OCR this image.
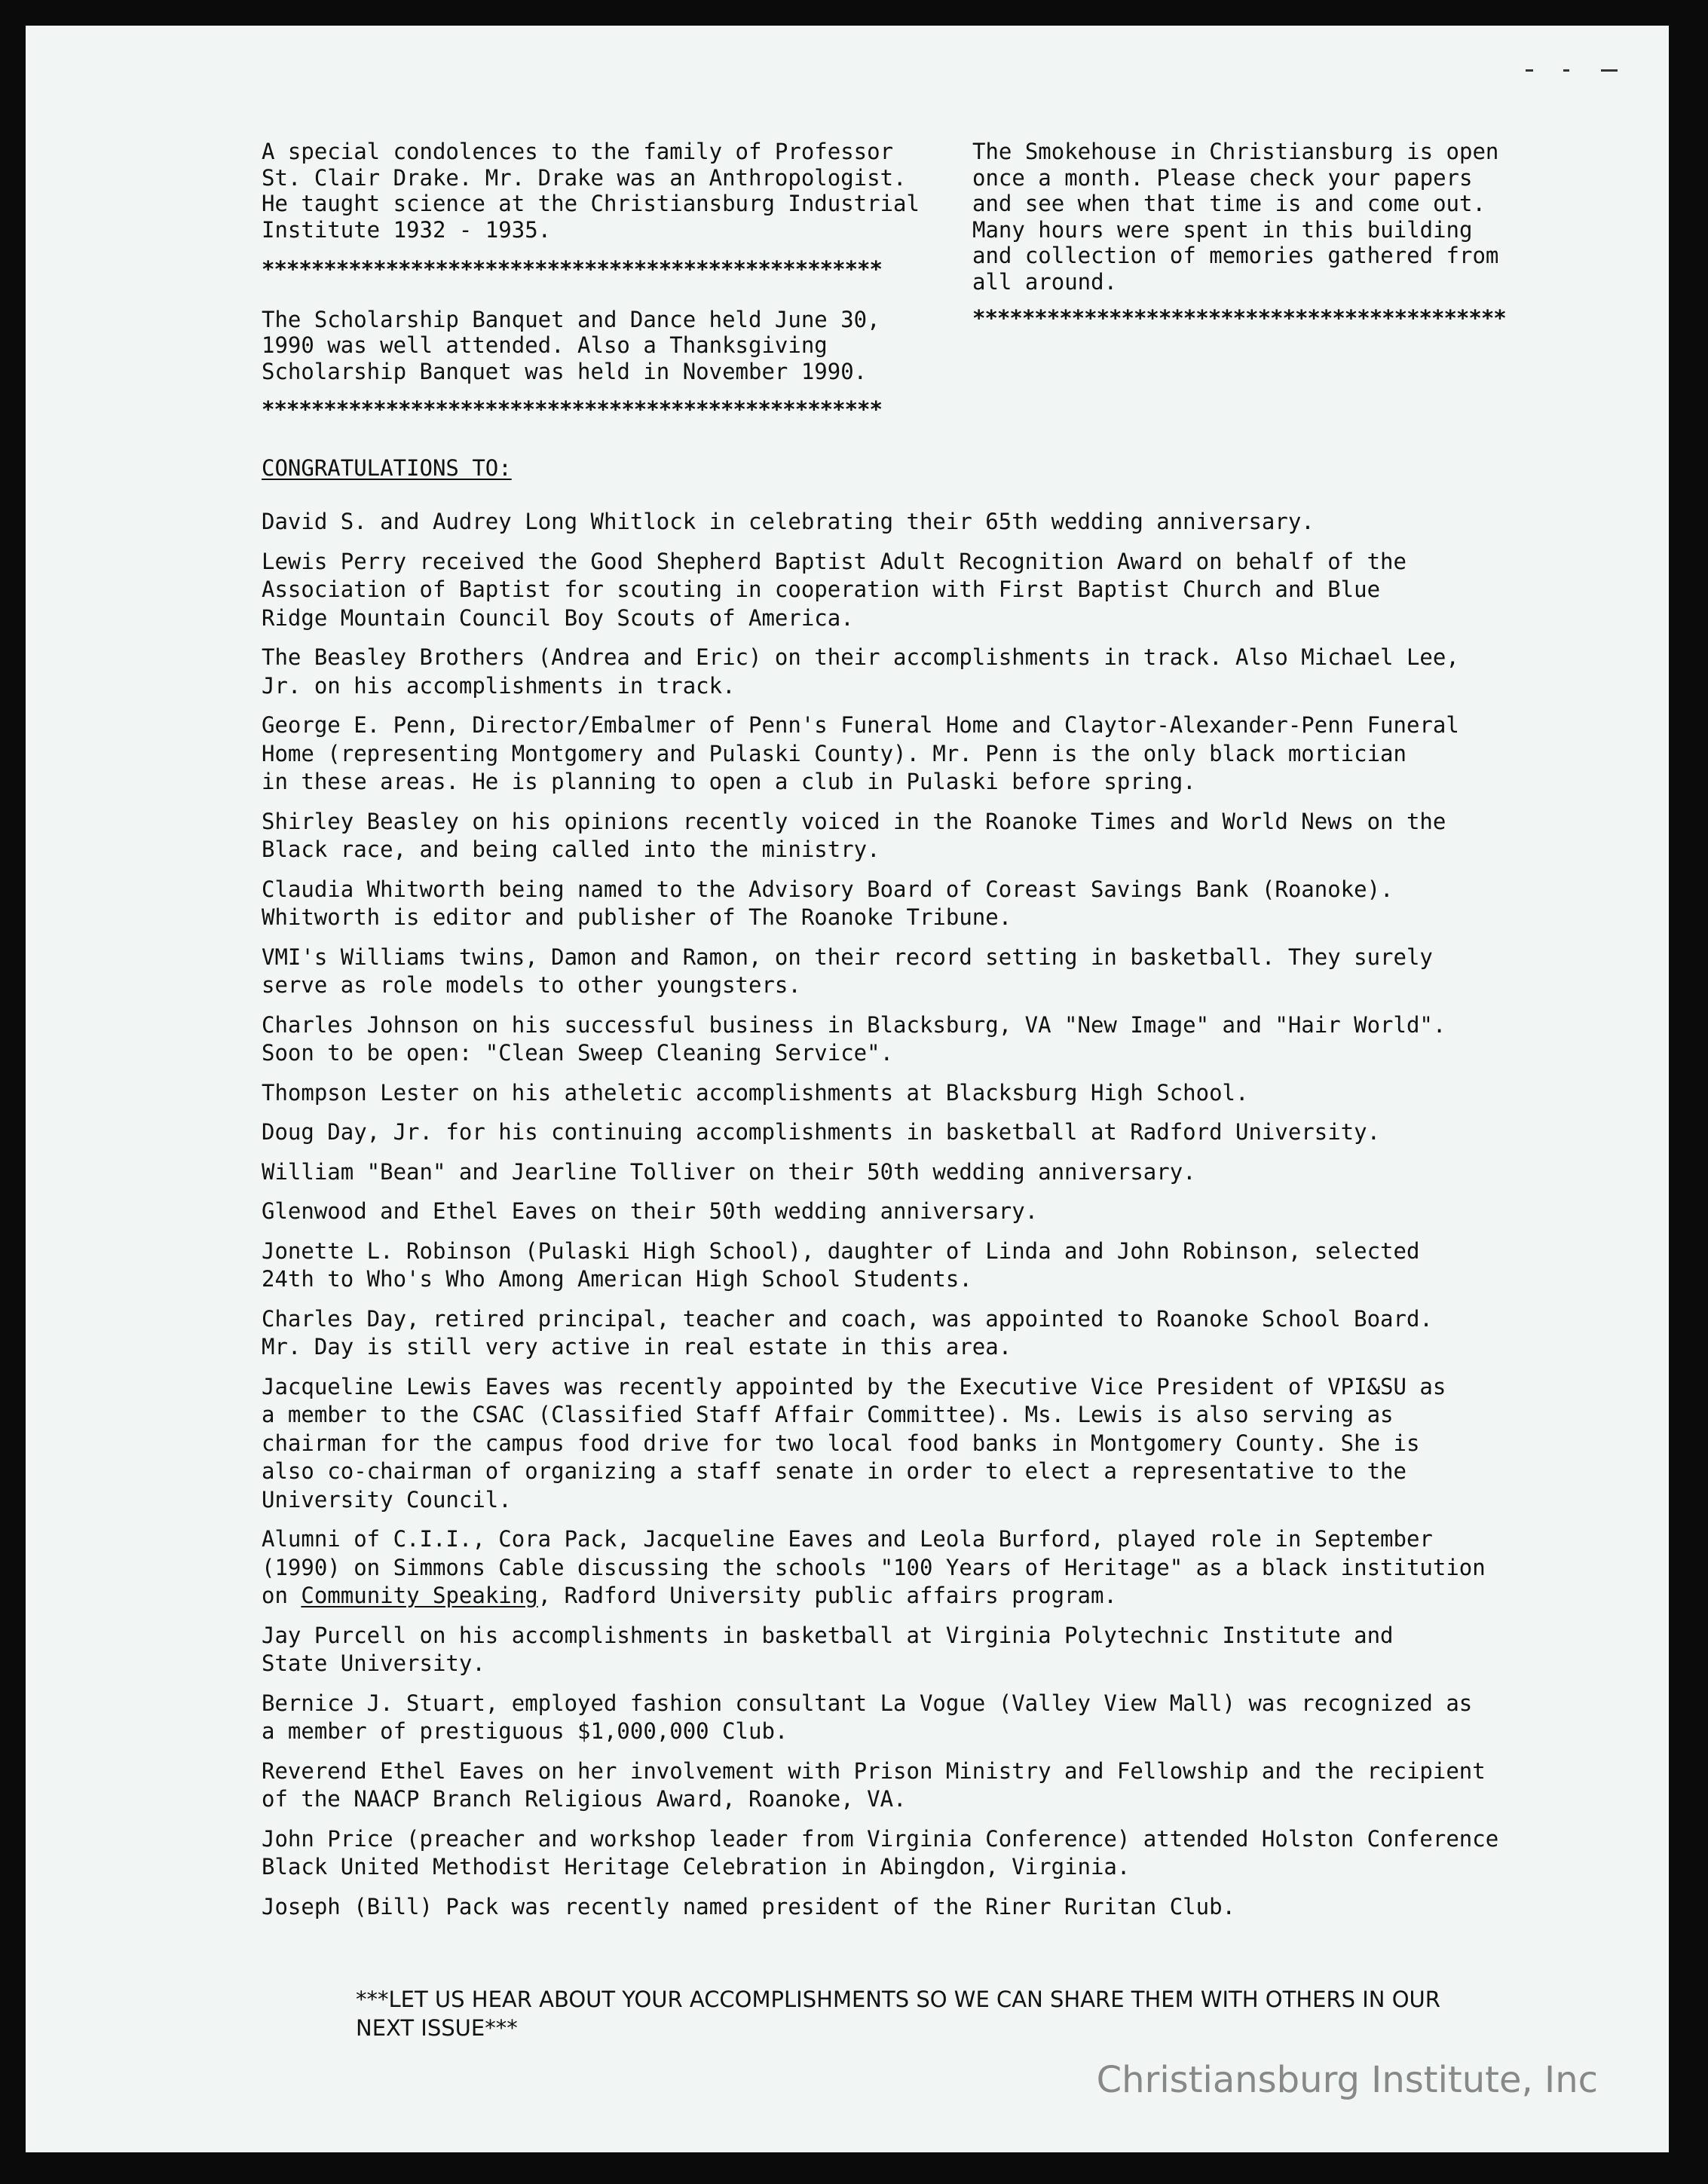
A special condolences to the family of Professor
St. Clair Drake. Mr. Drake was an Anthropologist.
He taught science at the Christiansburg Industrial
Institute 1932 - 1935.

**************************************************

The Scholarship Banquet and Dance held June 30,
1990 was well attended. Also a Thanksgiving
Scholarship Banquet was held in November 1990.

**************************************************

The Smokehouse in Christiansburg is open
once a month. Please check your papers
and see when that time is and come out.
Many hours were spent in this building
and collection of memories gathered from
all around.

*******************************************

CONGRATULATIONS TO:

David S. and Audrey Long Whitlock in celebrating their 65th wedding anniversary.

Lewis Perry received the Good Shepherd Baptist Adult Recognition Award on behalf of the
Association of Baptist for scouting in cooperation with First Baptist Church and Blue
Ridge Mountain Council Boy Scouts of America.

The Beasley Brothers (Andrea and Eric) on their accomplishments in track. Also Michael Lee,
Jr. on his accomplishments in track.

George E. Penn, Director/Embalmer of Penn's Funeral Home and Claytor-Alexander-Penn Funeral
Home (representing Montgomery and Pulaski County). Mr. Penn is the only black mortician
in these areas. He is planning to open a club in Pulaski before spring.

Shirley Beasley on his opinions recently voiced in the Roanoke Times and World News on the
Black race, and being called into the ministry.

Claudia Whitworth being named to the Advisory Board of Coreast Savings Bank (Roanoke).
Whitworth is editor and publisher of The Roanoke Tribune.

VMI's Williams twins, Damon and Ramon, on their record setting in basketball. They surely
serve as role models to other youngsters.

Charles Johnson on his successful business in Blacksburg, VA "New Image" and "Hair World".
Soon to be open: "Clean Sweep Cleaning Service".

Thompson Lester on his atheletic accomplishments at Blacksburg High School.

Doug Day, Jr. for his continuing accomplishments in basketball at Radford University.

William "Bean" and Jearline Tolliver on their 50th wedding anniversary.

Glenwood and Ethel Eaves on their 50th wedding anniversary.

Jonette L. Robinson (Pulaski High School), daughter of Linda and John Robinson, selected
24th to Who's Who Among American High School Students.

Charles Day, retired principal, teacher and coach, was appointed to Roanoke School Board.
Mr. Day is still very active in real estate in this area.

Jacqueline Lewis Eaves was recently appointed by the Executive Vice President of VPI&SU as
a member to the CSAC (Classified Staff Affair Committee). Ms. Lewis is also serving as
chairman for the campus food drive for two local food banks in Montgomery County. She is
also co-chairman of organizing a staff senate in order to elect a representative to the
University Council.

Alumni of C.I.I., Cora Pack, Jacqueline Eaves and Leola Burford, played role in September
(1990) on Simmons Cable discussing the schools "100 Years of Heritage" as a black institution
on Community Speaking, Radford University public affairs program.

Jay Purcell on his accomplishments in basketball at Virginia Polytechnic Institute and
State University.

Bernice J. Stuart, employed fashion consultant La Vogue (Valley View Mall) was recognized as
a member of prestiguous $1,000,000 Club.

Reverend Ethel Eaves on her involvement with Prison Ministry and Fellowship and the recipient
of the NAACP Branch Religious Award, Roanoke, VA.

John Price (preacher and workshop leader from Virginia Conference) attended Holston Conference
Black United Methodist Heritage Celebration in Abingdon, Virginia.

Joseph (Bill) Pack was recently named president of the Riner Ruritan Club.

***LET US HEAR ABOUT YOUR ACCOMPLISHMENTS SO WE CAN SHARE THEM WITH OTHERS IN OUR
NEXT ISSUE***
Christiansburg Institute, Inc
